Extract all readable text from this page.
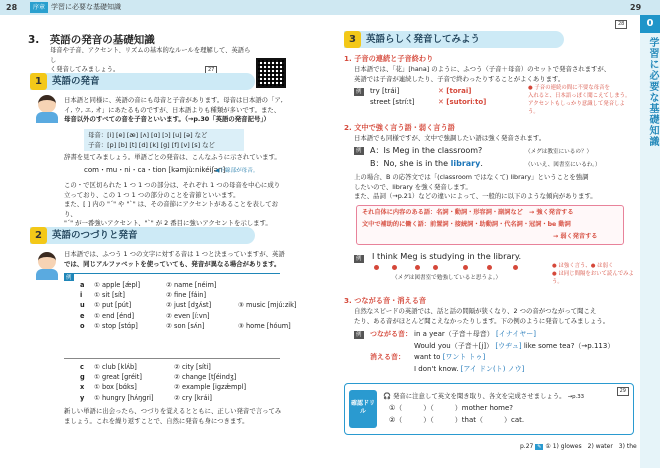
28	序章 学習に必要な基礎知識
3.　英語の発音の基礎知識
母音や子音、アクセント、リズムの基本的なルールを理解して、英語らし
く発音してみましょう。	27
1	英語の発音
日本語と同様に、英語の音にも母音と子音があります。母音は日本語の「ア,
イ, ウ, エ, オ」にあたるものですが、日本語よりも種類が多いです。また、
母音以外のすべての音を子音といいます。（→p.30「英語の発音記号」）
母音：[i] [e] [æ] [ʌ] [ɑ] [ɔ] [u] [ə] など
子音：[p] [b] [t] [d] [k] [g] [f] [v] [s] など
辞書を見てみましょう。単語ごとの発音は、こんなふうに示されています。
com・mu・ni・ca・tion [kəmjùːnikéiʃən]
◀下線部が母音。
この・で区切られた 1 つ 1 つの部分は、それぞれ 1 つの母音を中心に成り
立っており、この 1 つ 1 つの部分のことを音節といいます。
また、[ ] 内の "ˊ" や "ˋ" は、その音節にアクセントがあることを表しており、
"ˊ" が一番強いアクセント、"ˋ" が 2 番目に強いアクセントを示します。
2	英語のつづりと発音
日本語では、ふつう 1 つの文字に対する音は 1 つと決まっていますが、英語
では、同じアルファベットを使っていても、発音が異なる場合があります。
例
a ① apple [ǽpl]	② name [néim]
i ① sit [sít]	② fine [fáin]
u ① put [pút]	② just [dʒʌ́st]	③ music [mjúːzik]
e ① end [énd]	② even [íːvn]
o ① stop [stɑ́p]	② son [sʌ́n]	③ home [hóum]
c ① club [klʌ́b]	② city [síti]
g ① great [gréit]	② change [tʃéindʒ]
x ① box [bɑ́ks]	② example [igzǽmpl]
y ① hungry [hʌ́ŋgri]	② cry [krái]
新しい単語に出会ったら、つづりを覚えるとともに、正しい発音で言ってみ
ましょう。これを繰り返すことで、自然に発音も身につきます。
29
0
学習に必要な基礎知識
28
3	英語らしく発音してみよう
1. 子音の連続と子音終わり
日本語では、「花」[hana] のように、ふつう（子音＋母音）のセットで発音されますが、
英語では子音が連続したり、子音で終わったりすることがよくあります。
例 try [trái]	✕ [torai]
street [stríːt]	✕ [sutoriːto]
● 子音の連続の間に不要な母音を
入れると、日本語っぽく聞こえてしまう。
アクセントもしっかり意識して発音しよう。
2. 文中で強く言う語・弱く言う語
日本語でも同様ですが、文中で強調したい語は強く発音されます。
例 A：Is Meg in the classroom?	（メグは教室にいるの？）
B：No, she is in the library.	（いいえ、図書室にいるわ。）
上の場合、B の応答文では「(classroom ではなくて) library」ということを強調
したいので、library を強く発音します。
また、品詞（→p.21）などの違いによって、一般的に以下のような傾向があります。
それ自体に内容のある語：名詞・動詞・形容詞・副詞など　→ 強く発音する
文中で補助的に働く語：前置詞・接続詞・助動詞・代名詞・冠詞・be 動詞
→ 弱く発音する
例 I think Meg is studying in the library.
（メグは図書室で勉強していると思うよ。）
● は強く言う、● は弱く
● は同じ間隔をおいて読んでみよう。
3. つながる音・消える音
自然なスピードの英語では、話と話の間隔が狭くなり、2 つの音がつながって聞こえ
たり、ある音がほとんど聞こえなかったりします。下の例のように発音してみましょう。
例 つながる音： in a year（子音＋母音） [イナイヤー]
Would you（子音＋[j]） [ウヂュ] like some tea?（→p.113）
消える音： want to [ワント トゥ]
I don't know. [アイ ドン(ト) ノウ]
確認ドリル
29
🎧 発音に注意して英文を聞き取り、各文を完成させましょう。 →p.33
①（　　　）（　　　）mother home?
②（　　　）（　　　）that（　　　）cat.
p.27 ✎ ① 1) glowes　2) water　3) the
